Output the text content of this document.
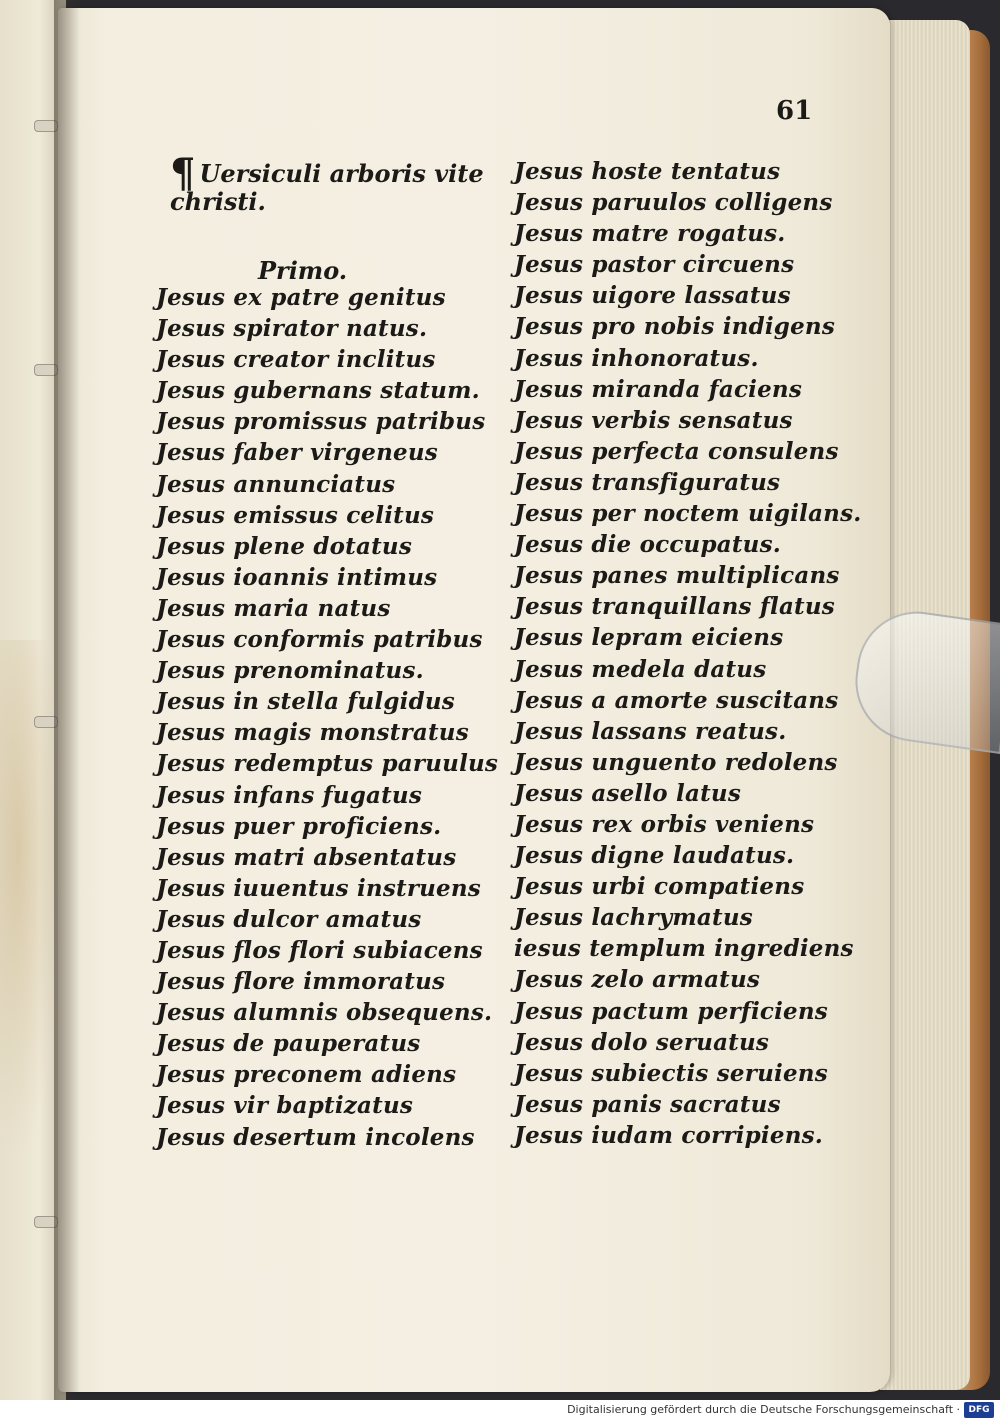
61
¶ Uersiculi arboris vite christi.
Primo.
Jesus ex patre genitus
Jesus spirator natus.
Jesus creator inclitus
Jesus gubernans statum.
Jesus promissus patribus
Jesus faber virgeneus
Jesus annunciatus
Jesus emissus celitus
Jesus plene dotatus
Jesus ioannis intimus
Jesus maria natus
Jesus conformis patribus
Jesus prenominatus.
Jesus in stella fulgidus
Jesus magis monstratus
Jesus redemptus paruulus
Jesus infans fugatus
Jesus puer proficiens.
Jesus matri absentatus
Jesus iuuentus instruens
Jesus dulcor amatus
Jesus flos flori subiacens
Jesus flore immoratus
Jesus alumnis obsequens.
Jesus de pauperatus
Jesus preconem adiens
Jesus vir baptizatus
Jesus desertum incolens
Jesus hoste tentatus
Jesus paruulos colligens
Jesus matre rogatus.
Jesus pastor circuens
Jesus uigore lassatus
Jesus pro nobis indigens
Jesus inhonoratus.
Jesus miranda faciens
Jesus verbis sensatus
Jesus perfecta consulens
Jesus transfiguratus
Jesus per noctem uigilans.
Jesus die occupatus.
Jesus panes multiplicans
Jesus tranquillans flatus
Jesus lepram eiciens
Jesus medela datus
Jesus a amorte suscitans
Jesus lassans reatus.
Jesus unguento redolens
Jesus asello latus
Jesus rex orbis veniens
Jesus digne laudatus.
Jesus urbi compatiens
Jesus lachrymatus
iesus templum ingrediens
Jesus zelo armatus
Jesus pactum perficiens
Jesus dolo seruatus
Jesus subiectis seruiens
Jesus panis sacratus
Jesus iudam corripiens.
Digitalisierung gefördert durch die Deutsche Forschungsgemeinschaft · DFG
